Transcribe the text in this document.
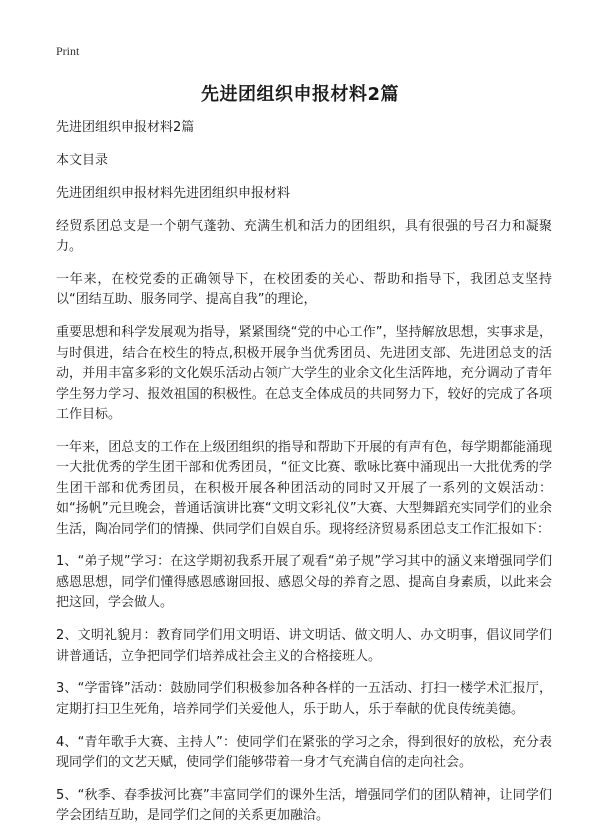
Print
先进团组织申报材料2篇

先进团组织申报材料2篇

本文目录

先进团组织申报材料先进团组织申报材料

经贸系团总支是一个朝气蓬勃、充满生机和活力的团组织，具有很强的号召力和凝聚力。

一年来，在校党委的正确领导下，在校团委的关心、帮助和指导下，我团总支坚持以“团结互助、服务同学、提高自我”的理论，

重要思想和科学发展观为指导，紧紧围绕“党的中心工作”，坚持解放思想，实事求是，与时俱进，结合在校生的特点,积极开展争当优秀团员、先进团支部、先进团总支的活动，并用丰富多彩的文化娱乐活动占领广大学生的业余文化生活阵地，充分调动了青年学生努力学习、报效祖国的积极性。在总支全体成员的共同努力下，较好的完成了各项工作目标。

一年来，团总支的工作在上级团组织的指导和帮助下开展的有声有色，每学期都能涌现一大批优秀的学生团干部和优秀团员，“征文比赛、歌咏比赛中涌现出一大批优秀的学生团干部和优秀团员，在积极开展各种团活动的同时又开展了一系列的文娱活动：如“扬帆”元旦晚会，普通话演讲比赛“文明文彩礼仪”大赛、大型舞蹈充实同学们的业余生活，陶冶同学们的情操、供同学们自娱自乐。现将经济贸易系团总支工作汇报如下：

1、“弟子规”学习：在这学期初我系开展了观看“弟子规”学习其中的涵义来增强同学们感恩思想，同学们懂得感恩感谢回报、感恩父母的养育之恩、提高自身素质，以此来会把这回，学会做人。

2、文明礼貌月：教育同学们用文明语、讲文明话、做文明人、办文明事，倡议同学们讲普通话，立争把同学们培养成社会主义的合格接班人。

3、“学雷锋”活动：鼓励同学们积极参加各种各样的一五活动、打扫一楼学术汇报厅，定期打扫卫生死角，培养同学们关爱他人，乐于助人，乐于奉献的优良传统美德。

4、“青年歌手大赛、主持人”：使同学们在紧张的学习之余，得到很好的放松，充分表现同学们的文艺天赋，使同学们能够带着一身才气充满自信的走向社会。

5、“秋季、春季拔河比赛”丰富同学们的课外生活，增强同学们的团队精神，让同学们学会团结互助，是同学们之间的关系更加融洽。
